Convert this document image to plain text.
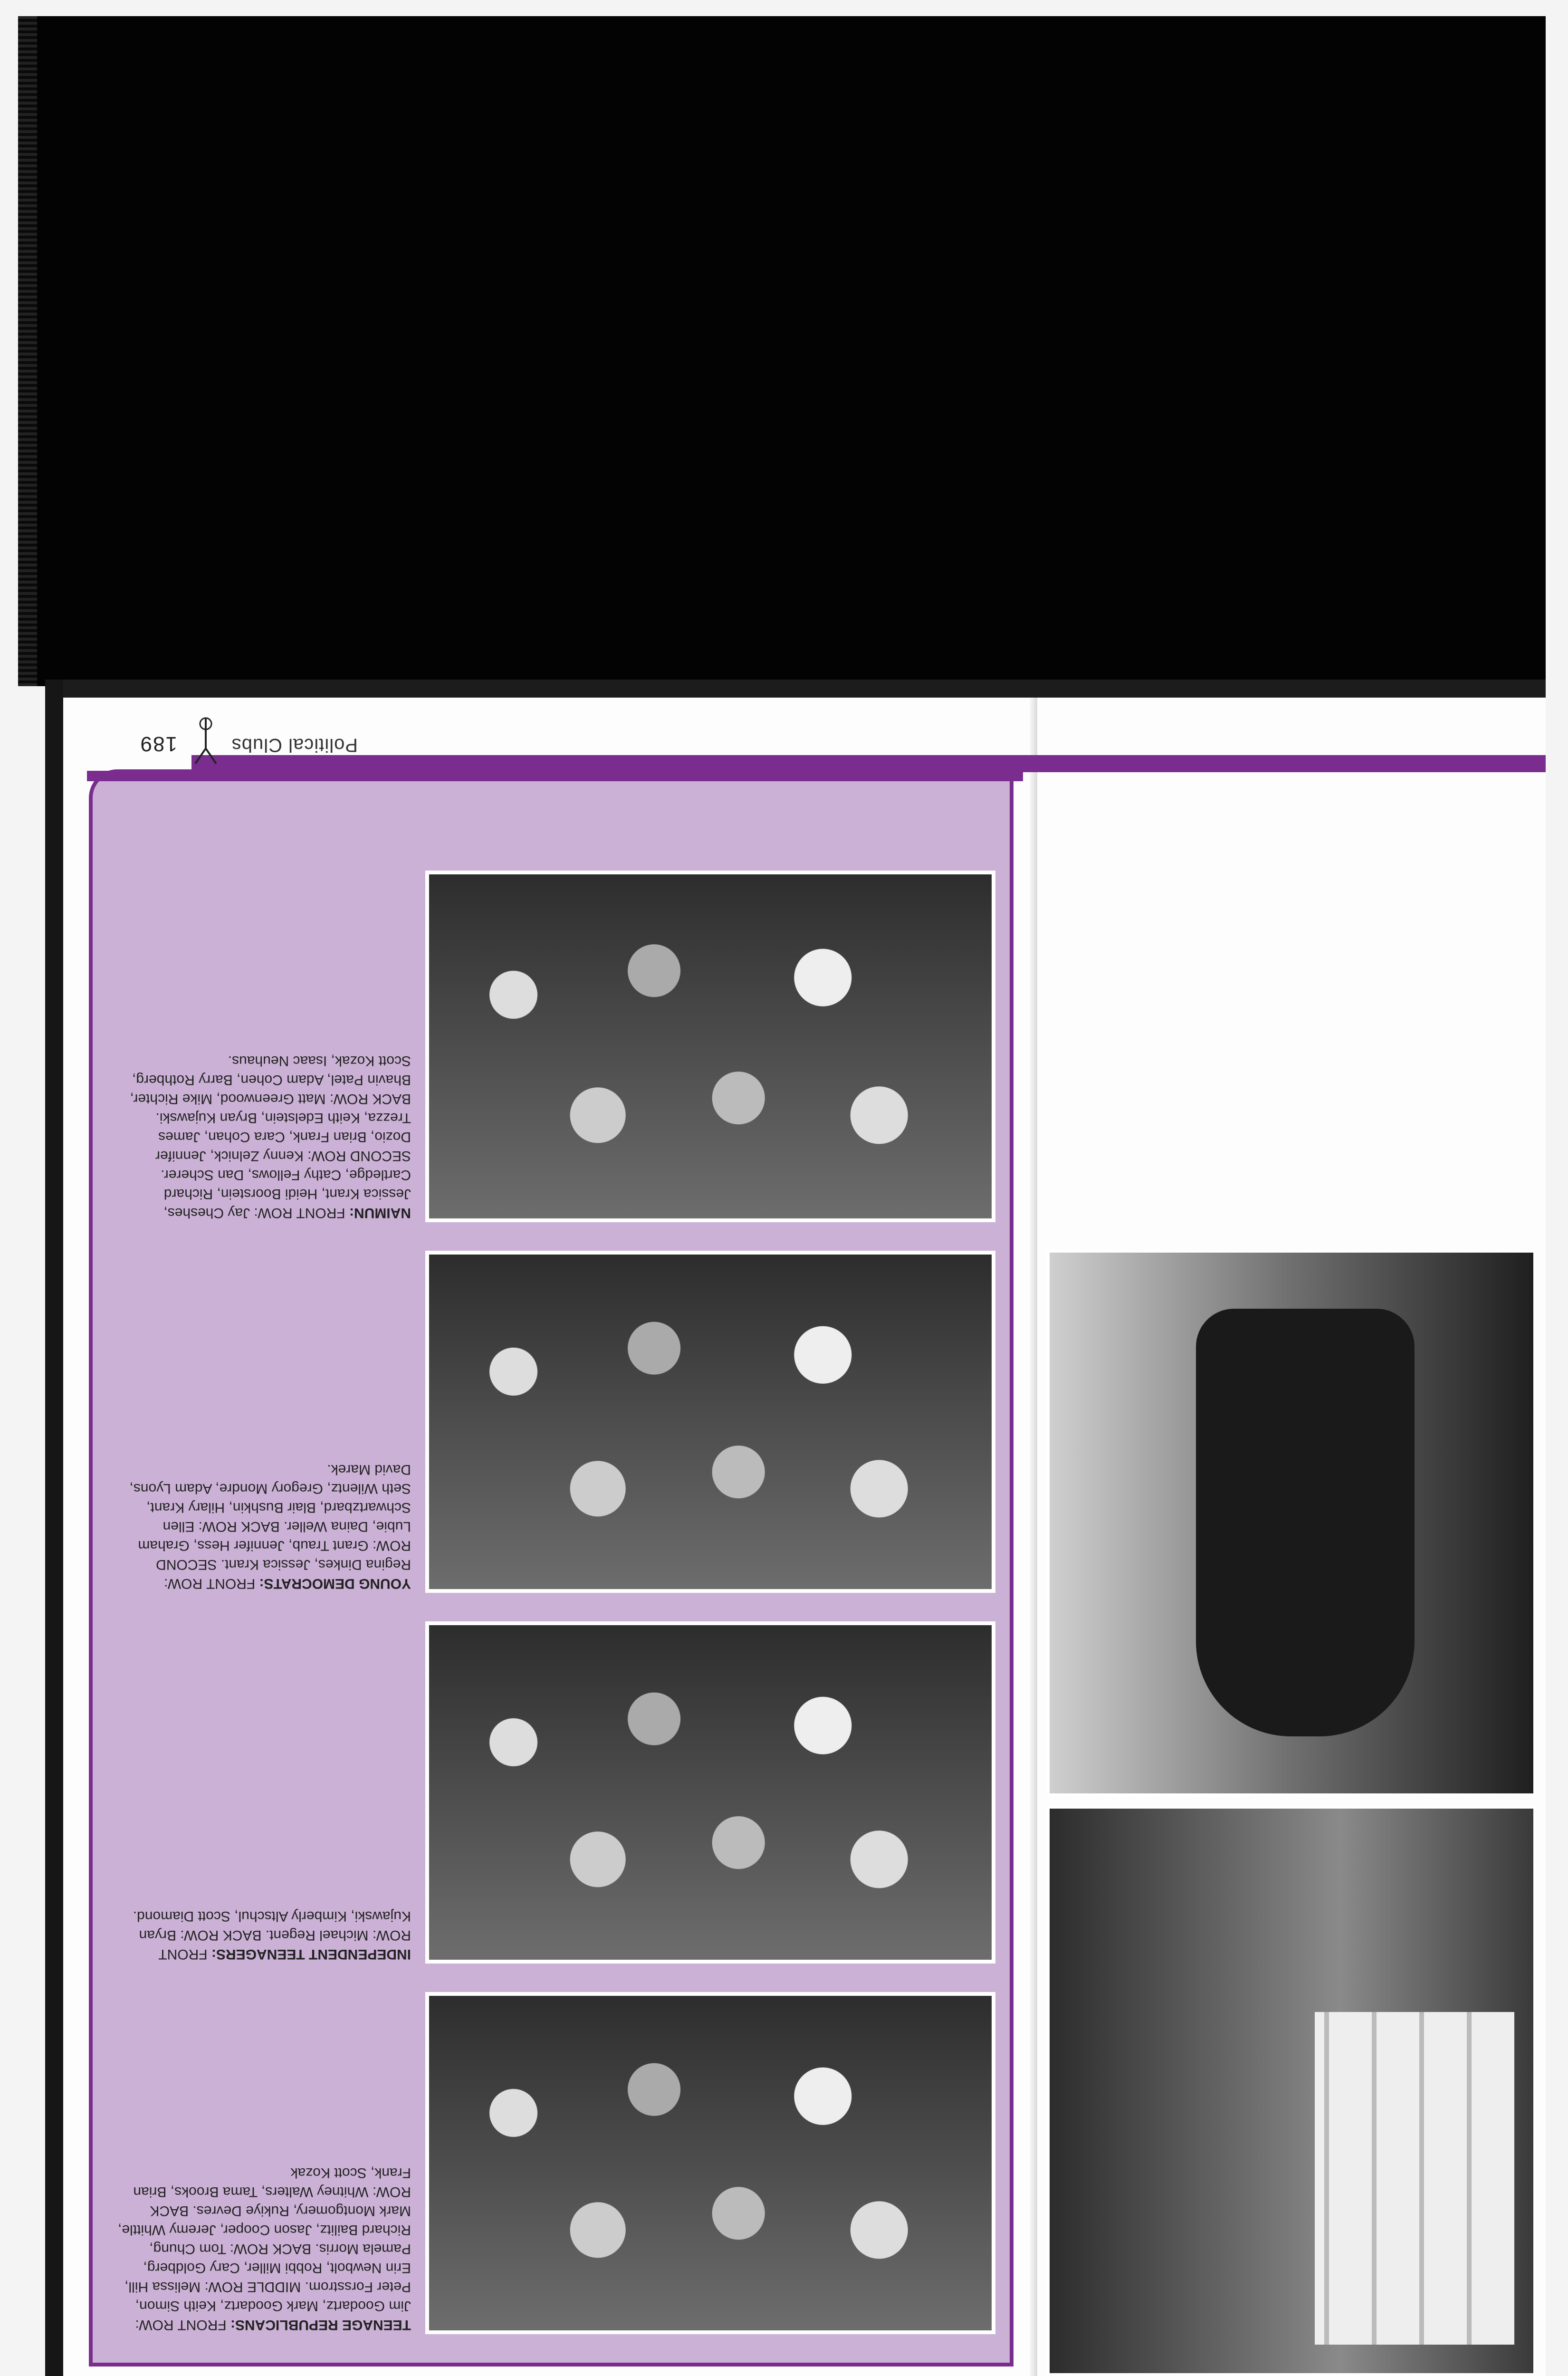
TEENAGE REPUBLICANS: FRONT ROW: Jim Goodartz, Mark Goodartz, Keith Simon, Peter Forsstrom. MIDDLE ROW: Melissa Hill, Erin Newbolt, Robbi Miller, Cary Goldberg, Pamela Morris. BACK ROW: Tom Chung, Richard Bailitz, Jason Cooper, Jeremy Whittle, Mark Montgomery, Rukiye Devres. BACK ROW: Whitney Walters, Tama Brooks, Brian Frank, Scott Kozak
INDEPENDENT TEENAGERS: FRONT ROW: Michael Regent. BACK ROW: Bryan Kujawski, Kimberly Altschul, Scott Diamond.
YOUNG DEMOCRATS: FRONT ROW: Regina Dinkes, Jessica Krant. SECOND ROW: Grant Traub, Jennifer Hess, Graham Lubie, Daina Weller. BACK ROW: Ellen Schwartzbard, Blair Bushkin, Hilary Krant, Seth Wilentz, Gregory Mondre, Adam Lyons, David Marek.
NAIMUN: FRONT ROW: Jay Cheshes, Jessica Krant, Heidi Boorstein, Richard Cartledge, Cathy Fellows, Dan Scherer. SECOND ROW: Kenny Zelnick, Jennifer Dozio, Brian Frank, Cara Cohan, James Trezza, Keith Edelstein, Bryan Kujawski. BACK ROW: Matt Greenwood, Mike Richter, Bhavin Patel, Adam Cohen, Barry Rothberg, Scott Kozak, Isaac Neuhaus.
Political Clubs
189
